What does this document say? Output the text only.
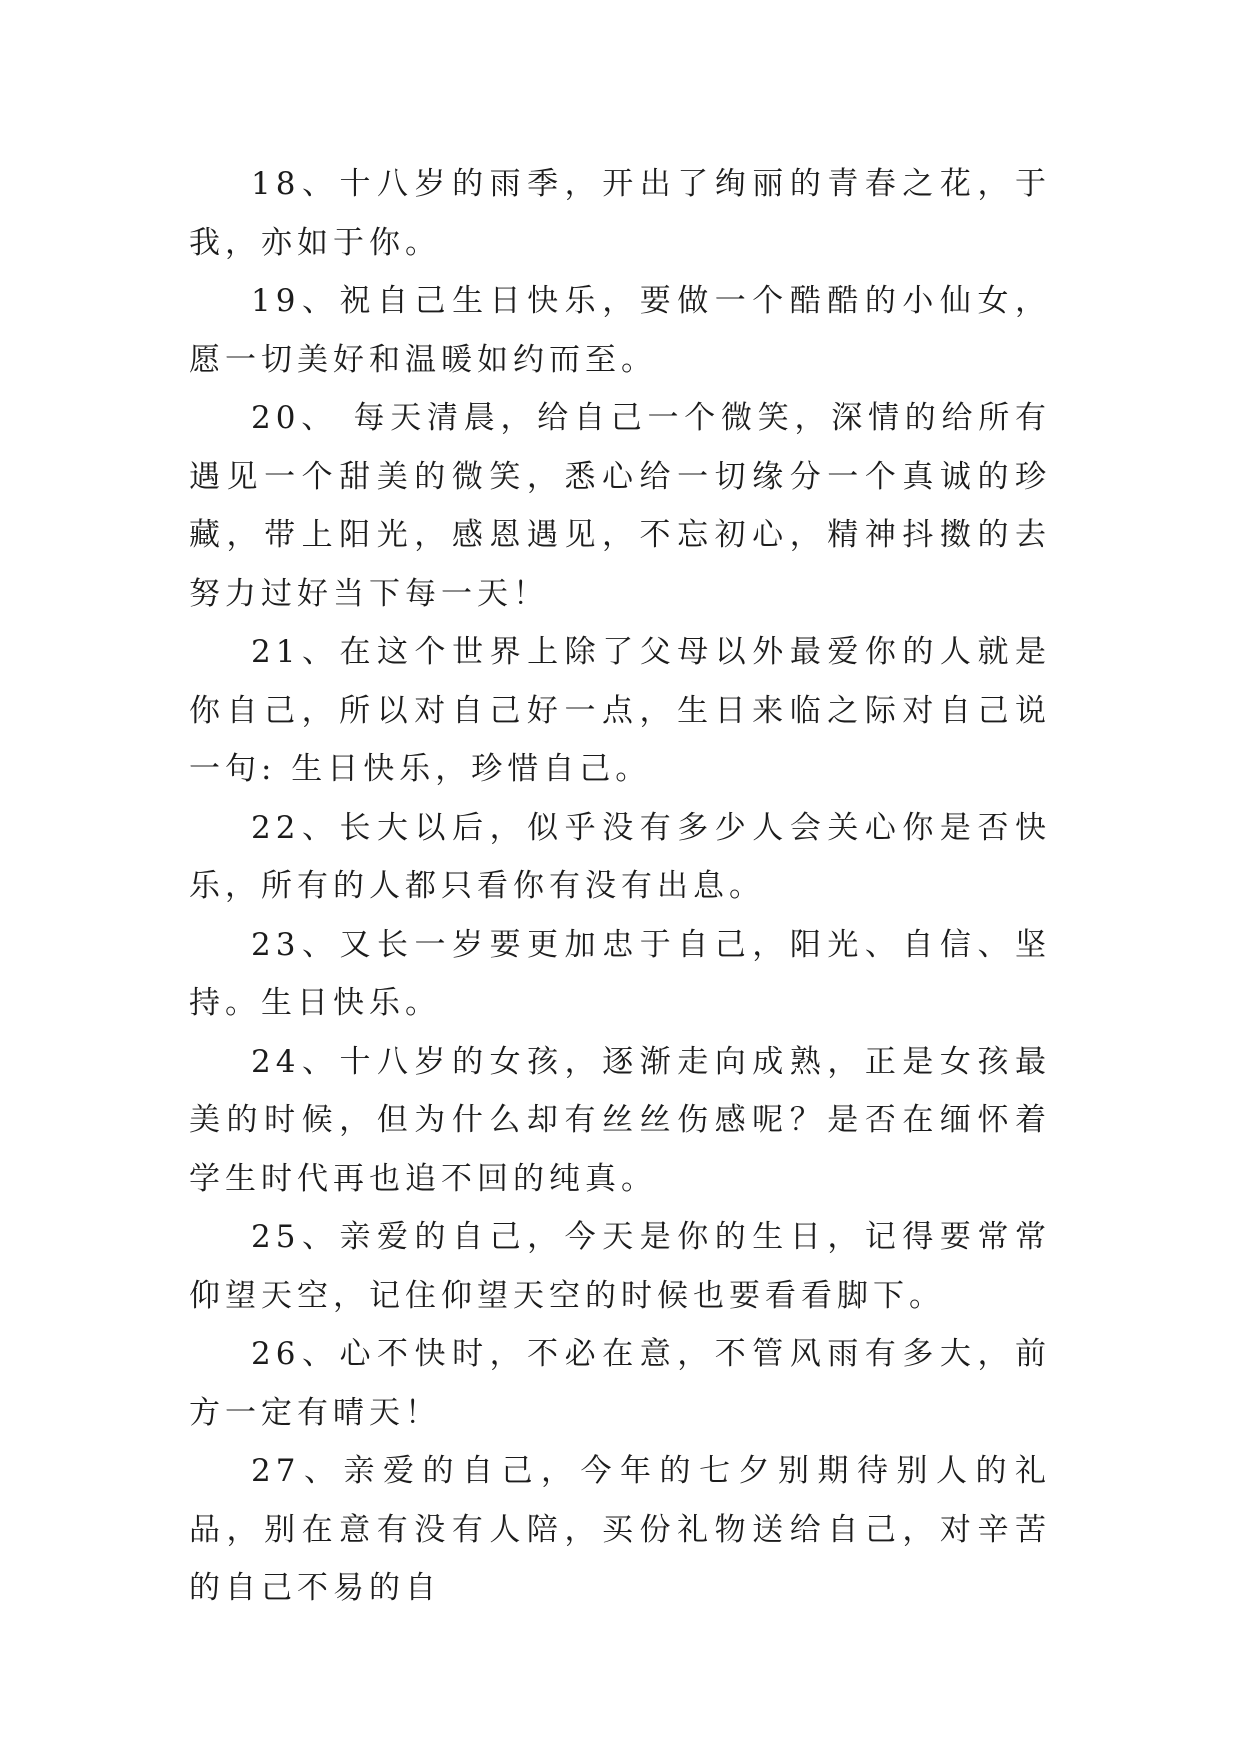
18、十八岁的雨季，开出了绚丽的青春之花，于我，亦如于你。

19、祝自己生日快乐，要做一个酷酷的小仙女，愿一切美好和温暖如约而至。

20、 每天清晨，给自己一个微笑，深情的给所有遇见一个甜美的微笑，悉心给一切缘分一个真诚的珍藏，带上阳光，感恩遇见，不忘初心，精神抖擞的去努力过好当下每一天！

21、在这个世界上除了父母以外最爱你的人就是你自己，所以对自己好一点，生日来临之际对自己说一句: 生日快乐，珍惜自己。

22、长大以后，似乎没有多少人会关心你是否快乐，所有的人都只看你有没有出息。

23、又长一岁要更加忠于自己，阳光、自信、坚持。生日快乐。

24、十八岁的女孩，逐渐走向成熟，正是女孩最美的时候，但为什么却有丝丝伤感呢？是否在缅怀着学生时代再也追不回的纯真。

25、亲爱的自己，今天是你的生日，记得要常常仰望天空，记住仰望天空的时候也要看看脚下。

26、心不快时，不必在意，不管风雨有多大，前方一定有晴天！

27、亲爱的自己，今年的七夕别期待别人的礼品，别在意有没有人陪，买份礼物送给自己，对辛苦的自己不易的自
